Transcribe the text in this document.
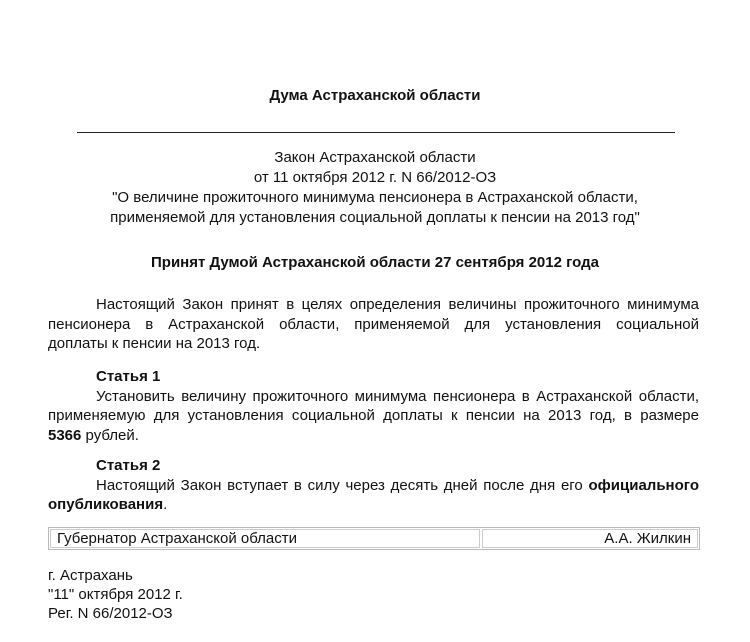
Дума Астраханской области
Закон Астраханской области
от 11 октября 2012 г. N 66/2012-ОЗ
"О величине прожиточного минимума пенсионера в Астраханской области,
применяемой для установления социальной доплаты к пенсии на 2013 год"
Принят Думой Астраханской области 27 сентября 2012 года
Настоящий Закон принят в целях определения величины прожиточного минимума
пенсионера в Астраханской области, применяемой для установления социальной
доплаты к пенсии на 2013 год.
Статья 1
Установить величину прожиточного минимума пенсионера в Астраханской области,
применяемую для установления социальной доплаты к пенсии на 2013 год, в размере
5366 рублей.
Статья 2
Настоящий Закон вступает в силу через десять дней после дня его официального
опубликования.
Губернатор Астраханской области	А.А. Жилкин
г. Астрахань
"11" октября 2012 г.
Рег. N 66/2012-ОЗ
